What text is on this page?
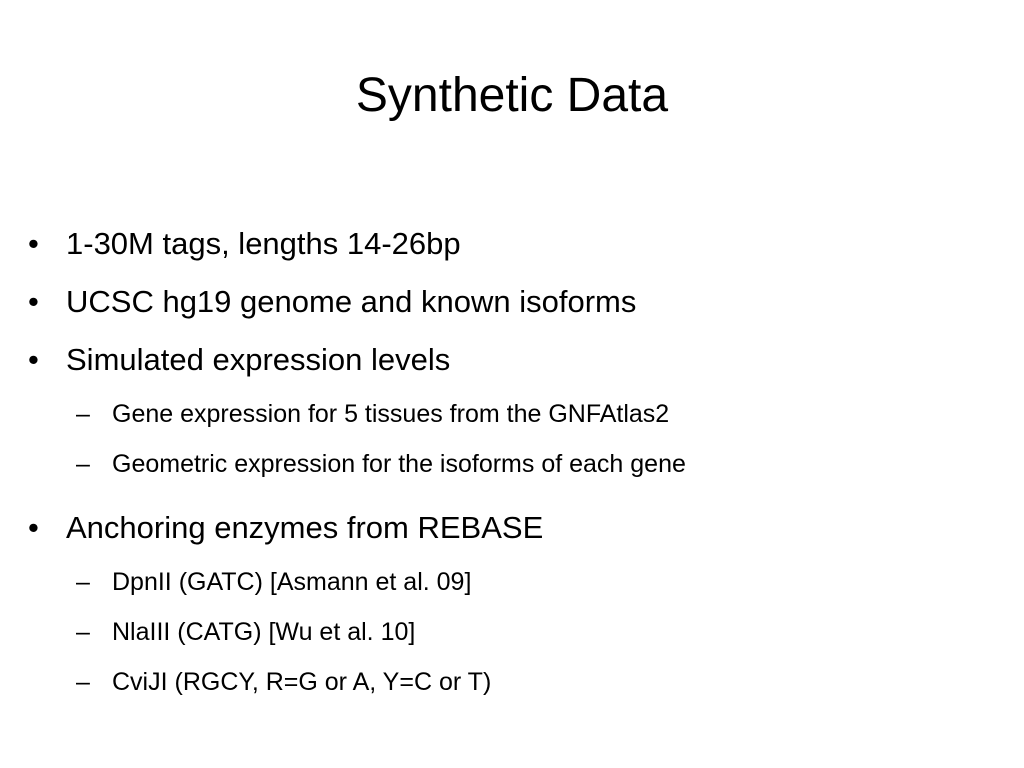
Synthetic Data
• 1-30M tags, lengths 14-26bp
• UCSC hg19 genome and known isoforms
• Simulated expression levels
– Gene expression for 5 tissues from the GNFAtlas2
– Geometric expression for the isoforms of each gene
• Anchoring enzymes from REBASE
– DpnII (GATC) [Asmann et al. 09]
– NlaIII (CATG) [Wu et al. 10]
– CviJI (RGCY, R=G or A, Y=C or T)
